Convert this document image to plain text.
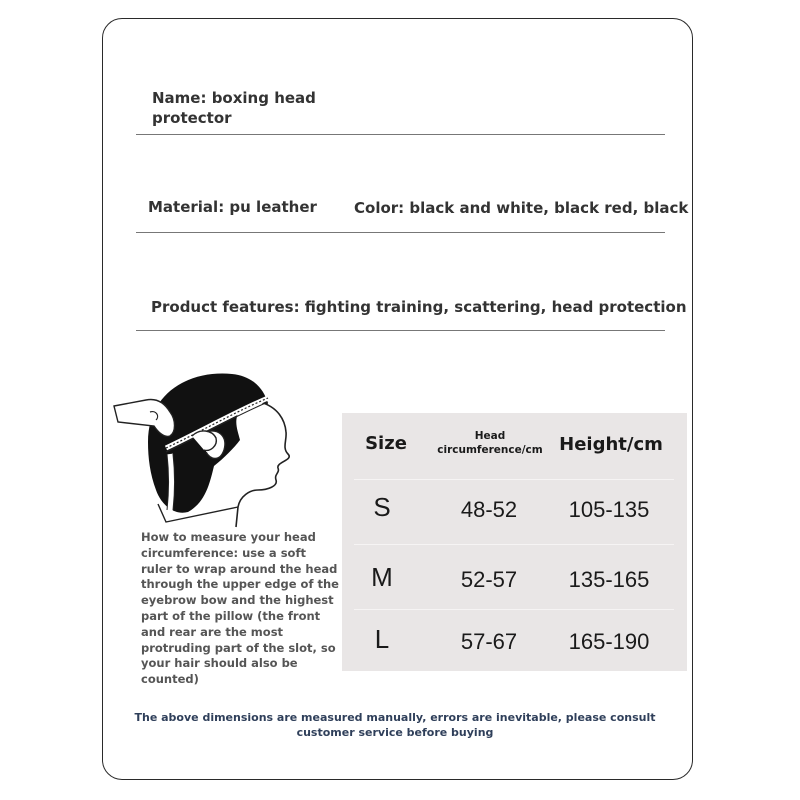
Name: boxing head protector
Material: pu leather Color: black and white, black red, black
Product features: fighting training, scattering, head protection
How to measure your head circumference: use a soft ruler to wrap around the head through the upper edge of the eyebrow bow and the highest part of the pillow (the front and rear are the most protruding part of the slot, so your hair should also be counted)
Size	Head circumference/cm Height/cm
S	48-52 105-135
M	52-57 135-165
L	57-67 165-190
The above dimensions are measured manually, errors are inevitable, please consult customer service before buying
